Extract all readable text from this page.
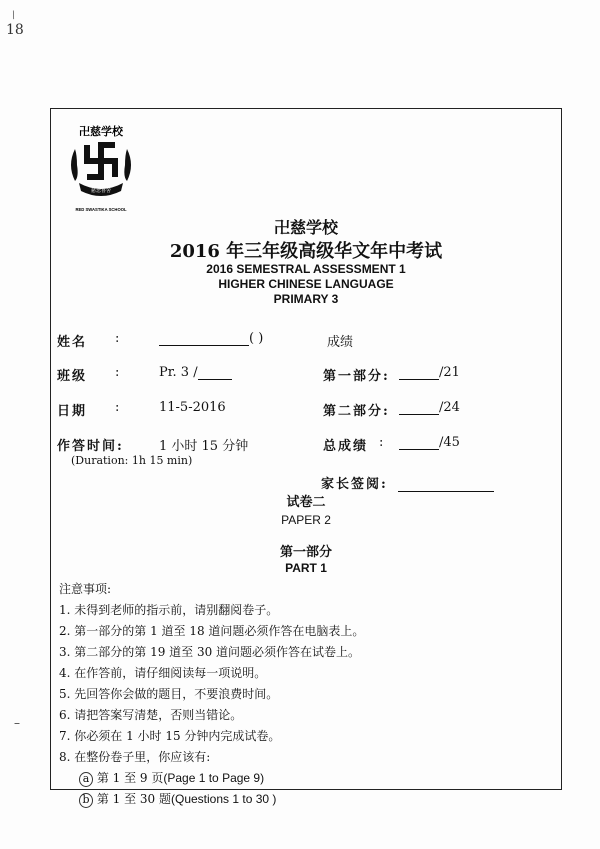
/
18
–
卍慈学校
慈悲喜舍
RED SWASTIKA SCHOOL
卍慈学校
2016 年三年级高级华文年中考试
2016 SEMESTRAL ASSESSMENT 1
HIGHER CHINESE LANGUAGE
PRIMARY 3
姓名 :	( )	成绩
班级 :	Pr. 3 /	第一部分:	/21
日期 :	11-5-2016	第二部分:	/24
作答时间:	1 小时 15 分钟	总成绩 :	/45
(Duration: 1h 15 min)
家长签阅:
试卷二
PAPER 2
第一部分
PART 1
注意事项:
1. 未得到老师的指示前，请别翻阅卷子。
2. 第一部分的第 1 道至 18 道问题必须作答在电脑表上。
3. 第二部分的第 19 道至 30 道问题必须作答在试卷上。
4. 在作答前，请仔细阅读每一项说明。
5. 先回答你会做的题目，不要浪费时间。
6. 请把答案写清楚，否则当错论。
7. 你必须在 1 小时 15 分钟内完成试卷。
8. 在整份卷子里，你应该有:
a 第 1 至 9 页(Page 1 to Page 9)
b 第 1 至 30 题(Questions 1 to 30 )
